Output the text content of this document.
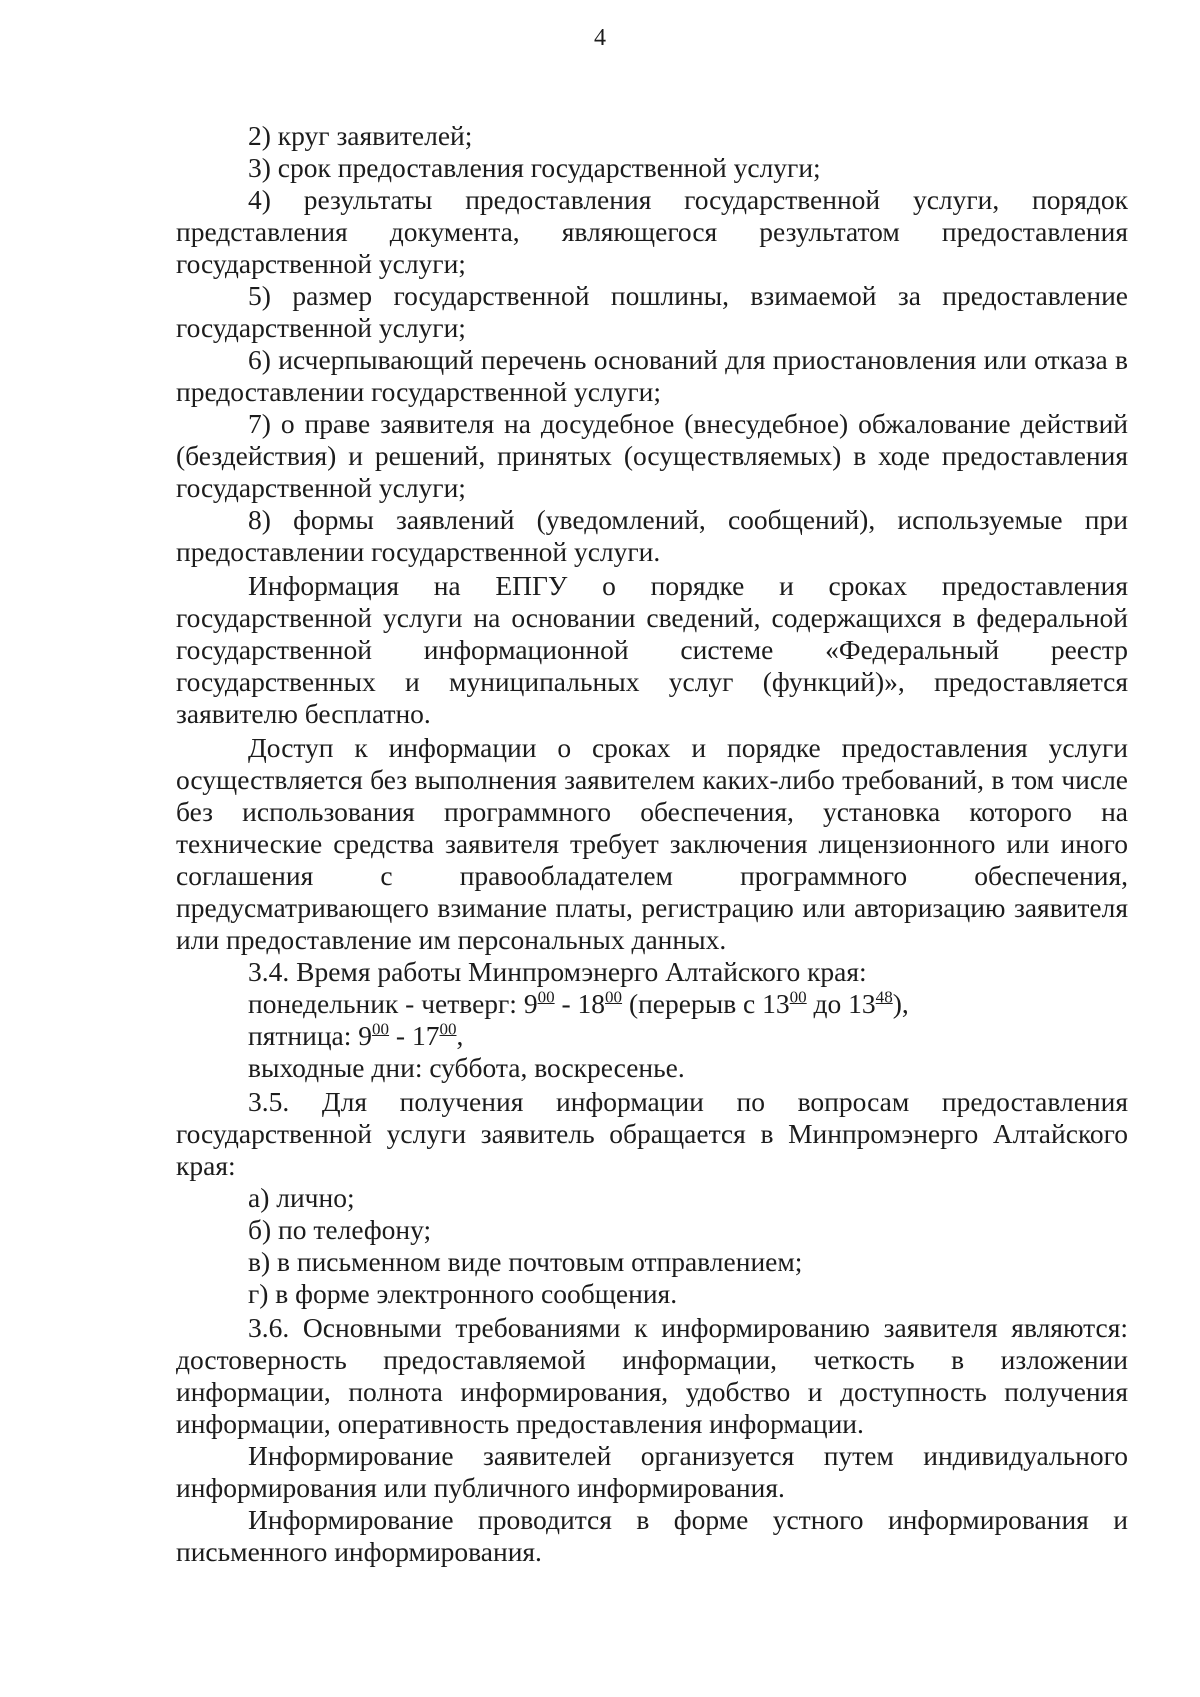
4

2) круг заявителей;

3) срок предоставления государственной услуги;

4) результаты предоставления государственной услуги, порядок представления документа, являющегося результатом предоставления государственной услуги;

5) размер государственной пошлины, взимаемой за предоставление государственной услуги;

6) исчерпывающий перечень оснований для приостановления или отказа в предоставлении государственной услуги;

7) о праве заявителя на досудебное (внесудебное) обжалование действий (бездействия) и решений, принятых (осуществляемых) в ходе предоставления государственной услуги;

8) формы заявлений (уведомлений, сообщений), используемые при предоставлении государственной услуги.

Информация на ЕПГУ о порядке и сроках предоставления государственной услуги на основании сведений, содержащихся в федеральной государственной информационной системе «Федеральный реестр государственных и муниципальных услуг (функций)», предоставляется заявителю бесплатно.

Доступ к информации о сроках и порядке предоставления услуги осуществляется без выполнения заявителем каких-либо требований, в том числе без использования программного обеспечения, установка которого на технические средства заявителя требует заключения лицензионного или иного соглашения с правообладателем программного обеспечения, предусматривающего взимание платы, регистрацию или авторизацию заявителя или предоставление им персональных данных.

3.4. Время работы Минпромэнерго Алтайского края:

понедельник - четверг: $9^{00} - 18^{00}$ (перерыв с $13^{00}$ до $13^{48}$),

пятница: $9^{00} - 17^{00}$,

выходные дни: суббота, воскресенье.

3.5. Для получения информации по вопросам предоставления государственной услуги заявитель обращается в Минпромэнерго Алтайского края:

а) лично;

б) по телефону;

в) в письменном виде почтовым отправлением;

г) в форме электронного сообщения.

3.6. Основными требованиями к информированию заявителя являются: достоверность предоставляемой информации, четкость в изложении информации, полнота информирования, удобство и доступность получения информации, оперативность предоставления информации.

Информирование заявителей организуется путем индивидуального информирования или публичного информирования.

Информирование проводится в форме устного информирования и письменного информирования.
